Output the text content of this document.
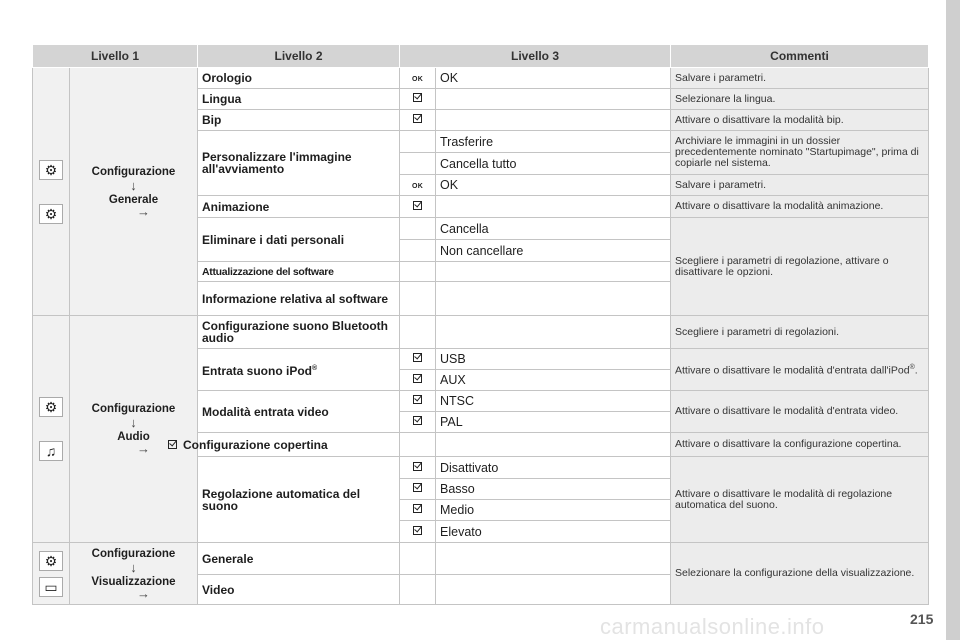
carmanualsonline.info	215
Livello 1		Livello 2	Livello 3		Commenti
⚙
⚙	Configurazione
↓
Generale
→	Orologio	OK	OK	Salvare i parametri.
		Lingua			Selezionare la lingua.
		Bip			Attivare o disattivare la modalità bip.
		Personalizzare l'immagine all'avviamento		Trasferire	Archiviare le immagini in un dossier precedentemente nominato "Startupimage", prima di copiarle nel sistema.
				Cancella tutto	
			OK	OK	Salvare i parametri.
		Animazione			Attivare o disattivare la modalità animazione.
		Eliminare i dati personali		Cancella	Scegliere i parametri di regolazione, attivare o disattivare le opzioni.
				Non cancellare	
		Attualizzazione del software			
		Informazione relativa al software			
⚙
♫	Configurazione
↓
Audio
→	Configurazione suono Bluetooth audio			Scegliere i parametri di regolazioni.
		Entrata suono iPod®		USB	Attivare o disattivare le modalità d'entrata dall'iPod®.
				AUX	
		Modalità entrata video		NTSC	Attivare o disattivare le modalità d'entrata video.
				PAL	
		Configurazione copertina			Attivare o disattivare la configurazione copertina.
		Regolazione automatica del suono		Disattivato	Attivare o disattivare le modalità di regolazione automatica del suono.
				Basso	
				Medio	
				Elevato	
⚙
▭	Configurazione
↓
Visualizzazione
→	Generale			Selezionare la configurazione della visualizzazione.
		Video			
